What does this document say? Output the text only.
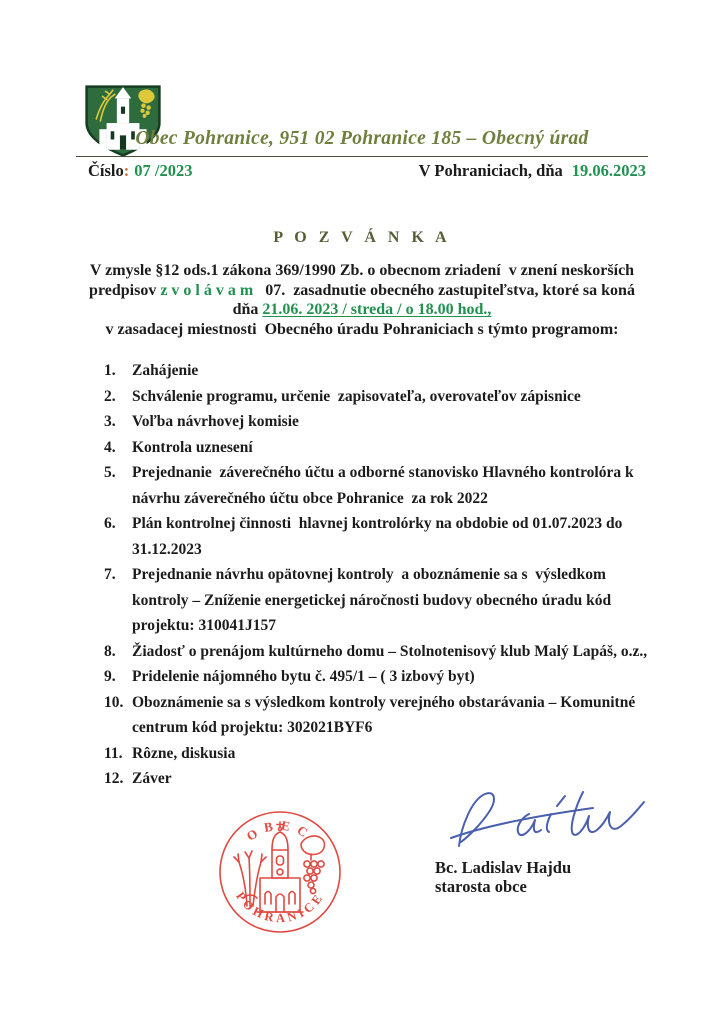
Obec Pohranice, 951 02 Pohranice 185 – Obecný úrad
Číslo: 07 /2023	V Pohraniciach, dňa 19.06.2023
P O Z V Á N K A
V zmysle §12 ods.1 zákona 369/1990 Zb. o obecnom zriadení  v znení neskorších
predpisov z v o l á v a m   07.  zasadnutie obecného zastupiteľstva, ktoré sa koná
dňa 21.06. 2023 / streda / o 18.00 hod.,
v zasadacej miestnosti  Obecného úradu Pohraniciach s týmto programom:
1.	Zahájenie
2.	Schválenie programu, určenie  zapisovateľa, overovateľov zápisnice
3.	Voľba návrhovej komisie
4.	Kontrola uznesení
5.	Prejednanie  záverečného účtu a odborné stanovisko Hlavného kontrolóra k návrhu záverečného účtu obce Pohranice  za rok 2022
6.	Plán kontrolnej činnosti  hlavnej kontrolórky na obdobie od 01.07.2023 do 31.12.2023
7.	Prejednanie návrhu opätovnej kontroly  a oboznámenie sa s  výsledkom  kontroly – Zníženie energetickej náročnosti budovy obecného úradu kód projektu: 310041J157
8.	Žiadosť o prenájom kultúrneho domu – Stolnotenisový klub Malý Lapáš, o.z.,
9.	Pridelenie nájomného bytu č. 495/1 – ( 3 izbový byt)
10. Oboznámenie sa s výsledkom kontroly verejného obstarávania – Komunitné centrum kód projektu: 302021BYF6
11. Rôzne, diskusia
12. Záver
OBEC
POHRANICE
Bc. Ladislav Hajdu
starosta obce
